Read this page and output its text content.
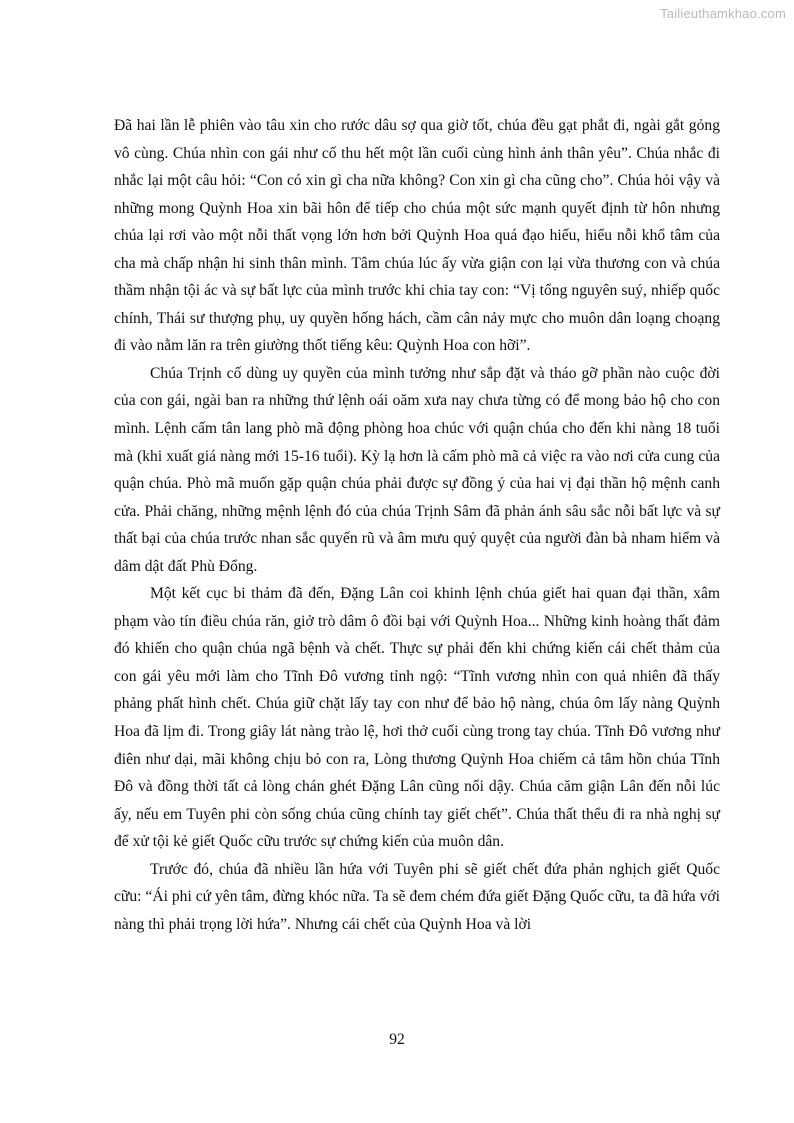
Tailieuthamkhao.com

Đã hai lần lễ phiên vào tâu xin cho rước dâu sợ qua giờ tốt, chúa đều gạt phắt đi, ngài gắt gỏng vô cùng. Chúa nhìn con gái như cố thu hết một lần cuối cùng hình ảnh thân yêu”. Chúa nhắc đi nhắc lại một câu hỏi: “Con có xin gì cha nữa không? Con xin gì cha cũng cho”. Chúa hỏi vậy và những mong Quỳnh Hoa xin bãi hôn để tiếp cho chúa một sức mạnh quyết định từ hôn nhưng chúa lại rơi vào một nỗi thất vọng lớn hơn bởi Quỳnh Hoa quá đạo hiếu, hiểu nỗi khổ tâm của cha mà chấp nhận hi sinh thân mình. Tâm chúa lúc ấy vừa giận con lại vừa thương con và chúa thầm nhận tội ác và sự bất lực của mình trước khi chia tay con: “Vị tổng nguyên suý, nhiếp quốc chính, Thái sư thượng phụ, uy quyền hống hách, cầm cân nảy mực cho muôn dân loạng choạng đi vào nằm lăn ra trên giường thốt tiếng kêu: Quỳnh Hoa con hỡi”.

Chúa Trịnh cố dùng uy quyền của mình tưởng như sắp đặt và tháo gỡ phần nào cuộc đời của con gái, ngài ban ra những thứ lệnh oái oăm xưa nay chưa từng có để mong bảo hộ cho con mình. Lệnh cấm tân lang phò mã động phòng hoa chúc với quận chúa cho đến khi nàng 18 tuổi mà (khi xuất giá nàng mới 15-16 tuổi). Kỳ lạ hơn là cấm phò mã cả việc ra vào nơi cửa cung của quận chúa. Phò mã muốn gặp quận chúa phải được sự đồng ý của hai vị đại thần hộ mệnh canh cửa. Phải chăng, những mệnh lệnh đó của chúa Trịnh Sâm đã phản ánh sâu sắc nỗi bất lực và sự thất bại của chúa trước nhan sắc quyến rũ và âm mưu quỷ quyệt của người đàn bà nham hiểm và dâm dật đất Phù Đổng.

Một kết cục bi thảm đã đến, Đặng Lân coi khinh lệnh chúa giết hai quan đại thần, xâm phạm vào tín điều chúa răn, giở trò dâm ô đồi bại với Quỳnh Hoa... Những kinh hoàng thất đảm đó khiến cho quận chúa ngã bệnh và chết. Thực sự phải đến khi chứng kiến cái chết thảm của con gái yêu mới làm cho Tĩnh Đô vương tỉnh ngộ: “Tĩnh vương nhìn con quả nhiên đã thấy phảng phất hình chết. Chúa giữ chặt lấy tay con như để bảo hộ nàng, chúa ôm lấy nàng Quỳnh Hoa đã lịm đi. Trong giây lát nàng trào lệ, hơi thở cuối cùng trong tay chúa. Tĩnh Đô vương như điên như dại, mãi không chịu bỏ con ra, Lòng thương Quỳnh Hoa chiếm cả tâm hồn chúa Tĩnh Đô và đồng thời tất cả lòng chán ghét Đặng Lân cũng nổi dậy. Chúa căm giận Lân đến nỗi lúc ấy, nếu em Tuyên phi còn sống chúa cũng chính tay giết chết”. Chúa thất thểu đi ra nhà nghị sự để xử tội kẻ giết Quốc cữu trước sự chứng kiến của muôn dân.

Trước đó, chúa đã nhiều lần hứa với Tuyên phi sẽ giết chết đứa phản nghịch giết Quốc cữu: “Ái phi cứ yên tâm, đừng khóc nữa. Ta sẽ đem chém đứa giết Đặng Quốc cữu, ta đã hứa với nàng thì phải trọng lời hứa”. Nhưng cái chết của Quỳnh Hoa và lời

92
